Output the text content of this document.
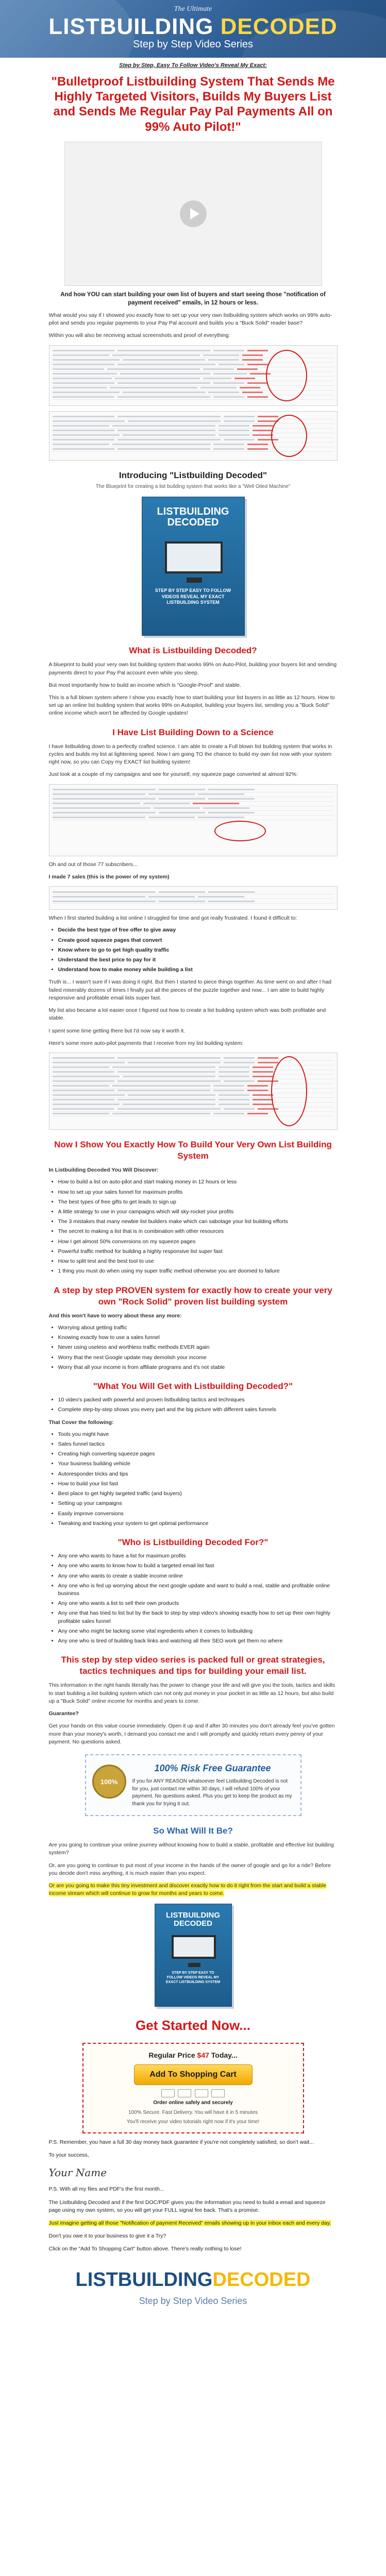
The Ultimate
LISTBUILDING DECODED
Step by Step Video Series
Step by Step, Easy To Follow Video's Reveal My Exact:
"Bulletproof Listbuilding System That Sends Me Highly Targeted Visitors, Builds My Buyers List and Sends Me Regular Pay Pal Payments All on 99% Auto Pilot!"
And how YOU can start building your own list of buyers and start seeing those "notification of payment received" emails, in 12 hours or less.

What would you say if I showed you exactly how to set up your very own listbuilding system which works on 99% auto-pilot and sends you regular payments to your Pay Pal account and builds you a "Buck Solid" reader base?

Within you will also be receiving actual screenshots and proof of everything:

Introducing "Listbuilding Decoded"
The Blueprint for creating a list building system that works like a "Well Oiled Machine"
LISTBUILDING
DECODED
STEP BY STEP EASY TO FOLLOW VIDEOS REVEAL MY EXACT LISTBUILDING SYSTEM
What is Listbuilding Decoded?

A blueprint to build your very own list building system that works 99% on Auto-Pilot, building your buyers list and sending payments direct to your Pay Pal account even while you sleep.

But most importantly how to build an income which is "Google-Proof" and stable.

This is a full blown system where I show you exactly how to start building your list buyers in as little as 12 hours. How to set up an online list building system that works 99% on Autopilot, building your buyers list, sending you a "Buck Solid" online income which won't be affected by Google updates!

I Have List Building Down to a Science

I have listbuilding down to a perfectly crafted science. I am able to create a Full blown list building system that works in cycles and builds my list at lightening speed. Now I am going TO the chance to build my own list now with your system right now, so you can Copy my EXACT list building system!

Just look at a couple of my campaigns and see for yourself, my squeeze page converted at almost 92%:

Oh and out of those 77 subscribers...

I made 7 sales (this is the power of my system)

When I first started building a list online I struggled for time and got really frustrated. I found it difficult to:

• Decide the best type of free offer to give away
• Create good squeeze pages that convert
• Know where to go to get high quality traffic
• Understand the best price to pay for it
• Understand how to make money while building a list

Truth is... I wasn't sure if I was doing it right. But then I started to piece things together. As time went on and after I had failed miserably dozens of times I finally put all the pieces of the puzzle together and now... I am able to build highly responsive and profitable email lists super fast.

My list also became a lot easier once I figured out how to create a list building system which was both profitable and stable.

I spent some time getting there but I'd now say it worth it.

Here's some more auto-pilot payments that I receive from my list building system:

Now I Show You Exactly How To Build Your Very Own List Building System

In Listbuilding Decoded You Will Discover:

• How to build a list on auto-pilot and start making money in 12 hours or less
• How to set up your sales funnel for maximum profits
• The best types of free gifts to get leads to sign up
• A little strategy to use in your campaigns which will sky-rocket your profits
• The 3 mistakes that many newbie list builders make which can sabotage your list building efforts
• The secret to making a list that is in combination with other resources
• How I get almost 50% conversions on my squeeze pages
• Powerful traffic method for building a highly responsive list super fast
• How to split test and the best tool to use
• 1 thing you must do when using my super traffic method otherwise you are doomed to failure
A step by step PROVEN system for exactly how to create your very own "Rock Solid" proven list building system

And this won't have to worry about these any more:

• Worrying about getting traffic
• Knowing exactly how to use a sales funnel
• Never using useless and worthless traffic methods EVER again
• Worry that the next Google update may demolish your income
• Worry that all your income is from affiliate programs and it's not stable
"What You Will Get with Listbuilding Decoded?"
• 10 video's packed with powerful and proven listbuilding tactics and techniques
• Complete step-by-step shows you every part and the big picture with different sales funnels

That Cover the following:

• Tools you might have
• Sales funnel tactics
• Creating high converting squeeze pages
• Your business building vehicle
• Autoresponder tricks and tips
• How to build your list fast
• Best place to get highly targeted traffic (and buyers)
• Setting up your campaigns
• Easily improve conversions
• Tweaking and tracking your system to get optimal performance
"Who is Listbuilding Decoded For?"
• Any one who wants to have a list for maximum profits
• Any one who wants to know how to build a targeted email list fast
• Any one who wants to create a stable income online
• Any one who is fed up worrying about the next google update and want to build a real, stable and profitable online business
• Any one who wants a list to sell their own products
• Any one that has tried to list but by the back to step by step video's showing exactly how to set up their own highly profitable sales funnel
• Any one who might be lacking some vital ingredients when it comes to listbuilding
• Any one who is tired of building back links and watching all their SEO work get them no where
This step by step video series is packed full or great strategies, tactics techniques and tips for building your email list.

This information in the right hands literally has the power to change your life and will give you the tools, tactics and skills to start building a list building system which can not only put money in your pocket in as little as 12 hours, but also build up a "Buck Solid" online income for months and years to come.

Guarantee?

Get your hands on this value course immediately. Open it up and if after 30 minutes you don't already feel you've gotten more than your money's worth, I demand you contact me and I will promptly and quickly return every penny of your payment. No questions asked.

100%
100% Risk Free Guarantee

If you for ANY REASON whatsoever feel Listbuilding Decoded is not for you, just contact me within 30 days, I will refund 100% of your payment. No questions asked. Plus you get to keep the product as my thank you for trying it out.

So What Will It Be?

Are you going to continue your online journey without knowing how to build a stable, profitable and effective list building system?

Or, are you going to continue to put most of your income in the hands of the owner of google and go for a ride? Before you decide don't miss anything, it is much easier than you expect.

Or are you going to make this tiny investment and discover exactly how to do it right from the start and build a stable income stream which will continue to grow for months and years to come.

LISTBUILDING
DECODED
STEP BY STEP EASY TO FOLLOW VIDEOS REVEAL MY EXACT LISTBUILDING SYSTEM
Get Started Now...
Regular Price $47 Today...
Add To Shopping Cart

Order online safely and securely
100% Secure. Fast Delivery. You will have it in 5 minutes
You'll receive your video tutorials right now if it's your time!

P.S. Remember, you have a full 30 day money back guarantee if you're not completely satisfied, so don't wait...

To your success,

Your Name

P.S. With all my files and PDF's the first month...

The Listbuilding Decoded and if the first DOC/PDF gives you the information you need to build a email and squeeze page using my own system, so you will get your FULL signal fee back. That's a promise.

Just imagine getting all those "Notification of payment Received" emails showing up in your inbox each and every day.

Don't you owe it to your business to give it a Try?

Click on the "Add To Shopping Cart" button above. There's really nothing to lose!

LISTBUILDINGDECODED
Step by Step Video Series
